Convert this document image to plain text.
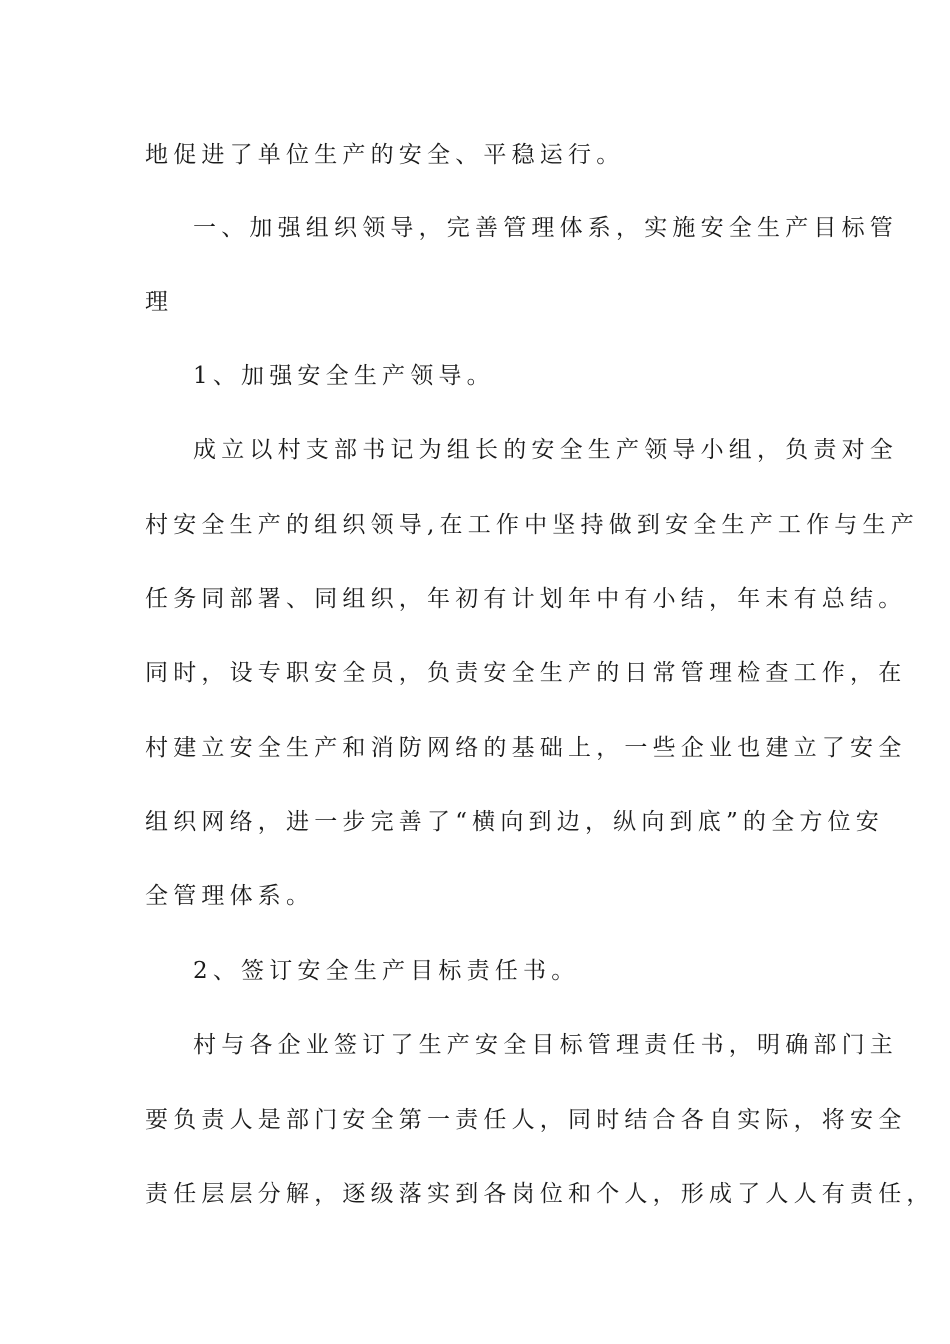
地促进了单位生产的安全、平稳运行。
一、加强组织领导，完善管理体系，实施安全生产目标管
理
1、加强安全生产领导。
成立以村支部书记为组长的安全生产领导小组，负责对全
村安全生产的组织领导,在工作中坚持做到安全生产工作与生产
任务同部署、同组织，年初有计划年中有小结，年末有总结。
同时，设专职安全员，负责安全生产的日常管理检查工作，在
村建立安全生产和消防网络的基础上，一些企业也建立了安全
组织网络，进一步完善了“横向到边，纵向到底”的全方位安
全管理体系。
2、签订安全生产目标责任书。
村与各企业签订了生产安全目标管理责任书，明确部门主
要负责人是部门安全第一责任人，同时结合各自实际，将安全
责任层层分解，逐级落实到各岗位和个人，形成了人人有责任，
